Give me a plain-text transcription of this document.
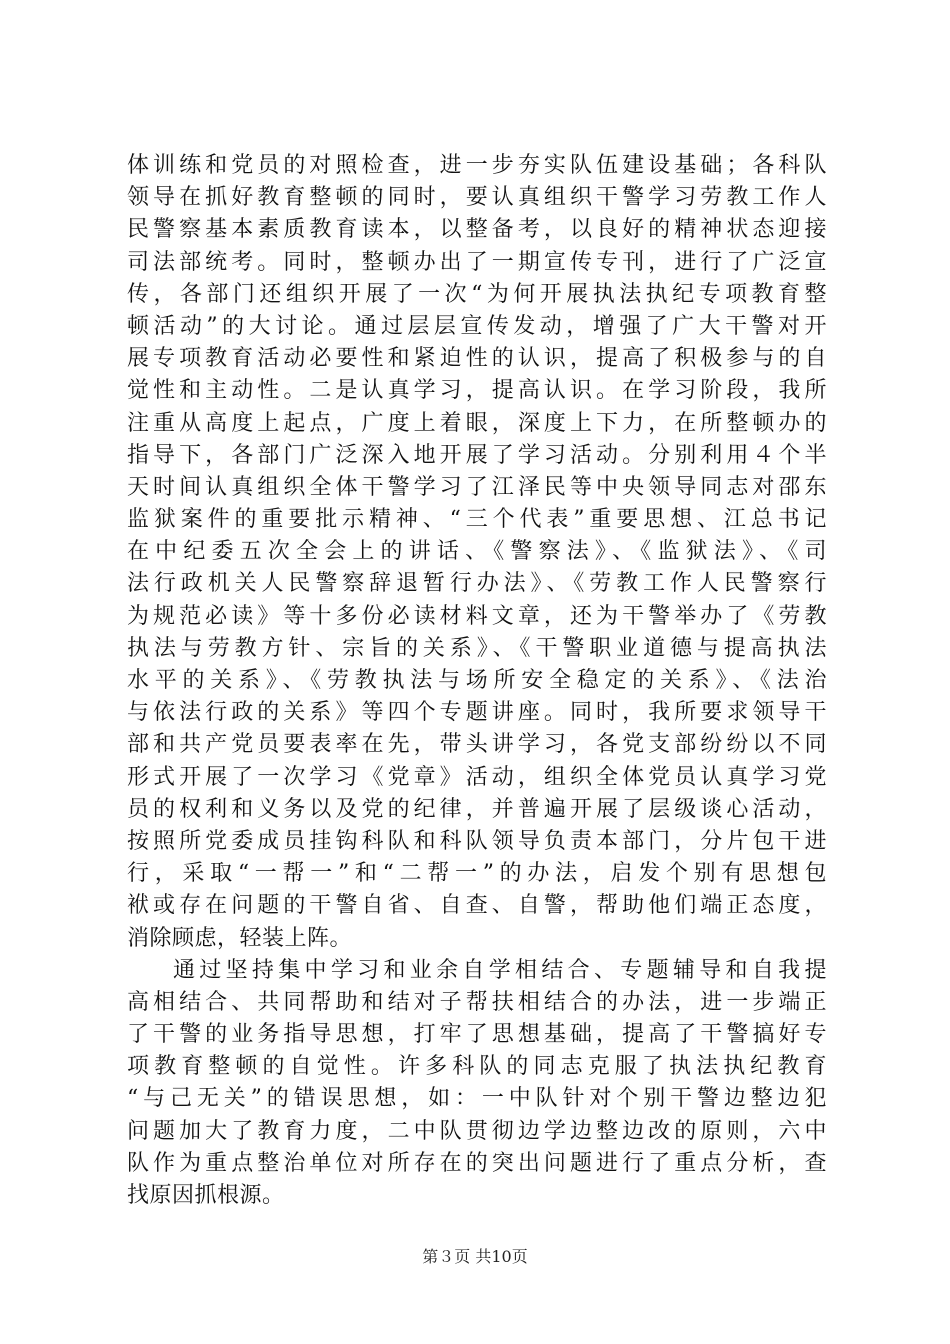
体训练和党员的对照检查，进一步夯实队伍建设基础；各科队
领导在抓好教育整顿的同时，要认真组织干警学习劳教工作人
民警察基本素质教育读本，以整备考，以良好的精神状态迎接
司法部统考。同时，整顿办出了一期宣传专刊，进行了广泛宣
传，各部门还组织开展了一次“为何开展执法执纪专项教育整
顿活动”的大讨论。通过层层宣传发动，增强了广大干警对开
展专项教育活动必要性和紧迫性的认识，提高了积极参与的自
觉性和主动性。二是认真学习，提高认识。在学习阶段，我所
注重从高度上起点，广度上着眼，深度上下力，在所整顿办的
指导下，各部门广泛深入地开展了学习活动。分别利用４个半
天时间认真组织全体干警学习了江泽民等中央领导同志对邵东
监狱案件的重要批示精神、“三个代表”重要思想、江总书记
在中纪委五次全会上的讲话、《警察法》、《监狱法》、《司
法行政机关人民警察辞退暂行办法》、《劳教工作人民警察行
为规范必读》等十多份必读材料文章，还为干警举办了《劳教
执法与劳教方针、宗旨的关系》、《干警职业道德与提高执法
水平的关系》、《劳教执法与场所安全稳定的关系》、《法治
与依法行政的关系》等四个专题讲座。同时，我所要求领导干
部和共产党员要表率在先，带头讲学习，各党支部纷纷以不同
形式开展了一次学习《党章》活动，组织全体党员认真学习党
员的权利和义务以及党的纪律，并普遍开展了层级谈心活动，
按照所党委成员挂钩科队和科队领导负责本部门，分片包干进
行，采取“一帮一”和“二帮一”的办法，启发个别有思想包
袱或存在问题的干警自省、自查、自警，帮助他们端正态度，
消除顾虑，轻装上阵。
通过坚持集中学习和业余自学相结合、专题辅导和自我提
高相结合、共同帮助和结对子帮扶相结合的办法，进一步端正
了干警的业务指导思想，打牢了思想基础，提高了干警搞好专
项教育整顿的自觉性。许多科队的同志克服了执法执纪教育
“与己无关”的错误思想，如：一中队针对个别干警边整边犯
问题加大了教育力度，二中队贯彻边学边整边改的原则，六中
队作为重点整治单位对所存在的突出问题进行了重点分析，查
找原因抓根源。
第３页 共10页
